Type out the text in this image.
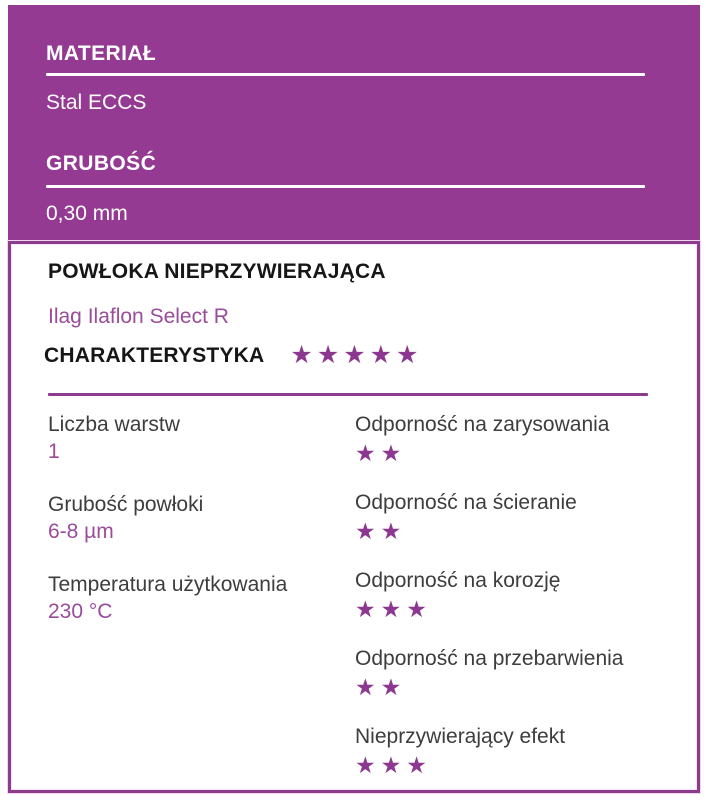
MATERIAŁ
Stal ECCS
GRUBOŚĆ
0,30 mm
POWŁOKA NIEPRZYWIERAJĄCA
Ilag Ilaflon Select R
CHARAKTERYSTYKA ★★★★★
Liczba warstw
1
Grubość powłoki
6-8 µm
Temperatura użytkowania
230 °C
Odporność na zarysowania
★★
Odporność na ścieranie
★★
Odporność na korozję
★★★
Odporność na przebarwienia
★★
Nieprzywierający efekt
★★★
